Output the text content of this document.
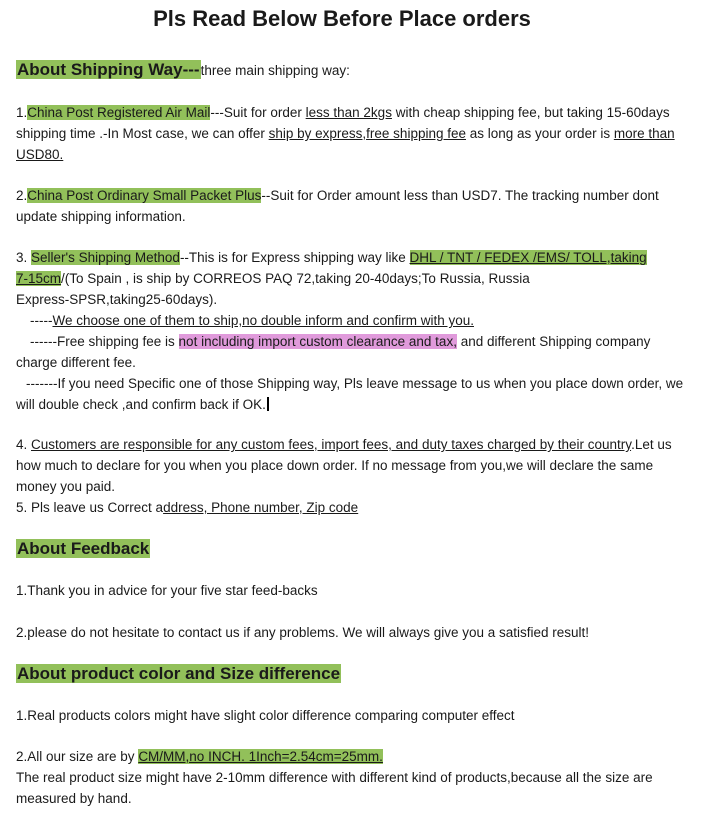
Pls Read Below Before Place orders
About Shipping Way---three main shipping way:
1.China Post Registered Air Mail---Suit for order less than 2kgs with cheap shipping fee, but taking 15-60days
shipping time .-In Most case, we can offer ship by express,free shipping fee as long as your order is more than
USD80.
2.China Post Ordinary Small Packet Plus--Suit for Order amount less than USD7. The tracking number dont
update shipping information.
3. Seller's Shipping Method--This is for Express shipping way like DHL / TNT / FEDEX /EMS/ TOLL,taking
7-15cm/(To Spain , is ship by CORREOS PAQ 72,taking 20-40days;To Russia, Russia
Express-SPSR,taking25-60days).
-----We choose one of them to ship,no double inform and confirm with you.
------Free shipping fee is not including import custom clearance and tax, and different Shipping company
charge different fee.
-------If you need Specific one of those Shipping way, Pls leave message to us when you place down order, we
will double check ,and confirm back if OK.
4. Customers are responsible for any custom fees, import fees, and duty taxes charged by their country.Let us
how much to declare for you when you place down order. If no message from you,we will declare the same
money you paid.
5. Pls leave us Correct address, Phone number, Zip code
About Feedback
1.Thank you in advice for your five star feed-backs
2.please do not hesitate to contact us if any problems. We will always give you a satisfied result!
About product color and Size difference
1.Real products colors might have slight color difference comparing computer effect
2.All our size are by CM/MM,no INCH. 1Inch=2.54cm=25mm.
The real product size might have 2-10mm difference with different kind of products,because all the size are
measured by hand.
